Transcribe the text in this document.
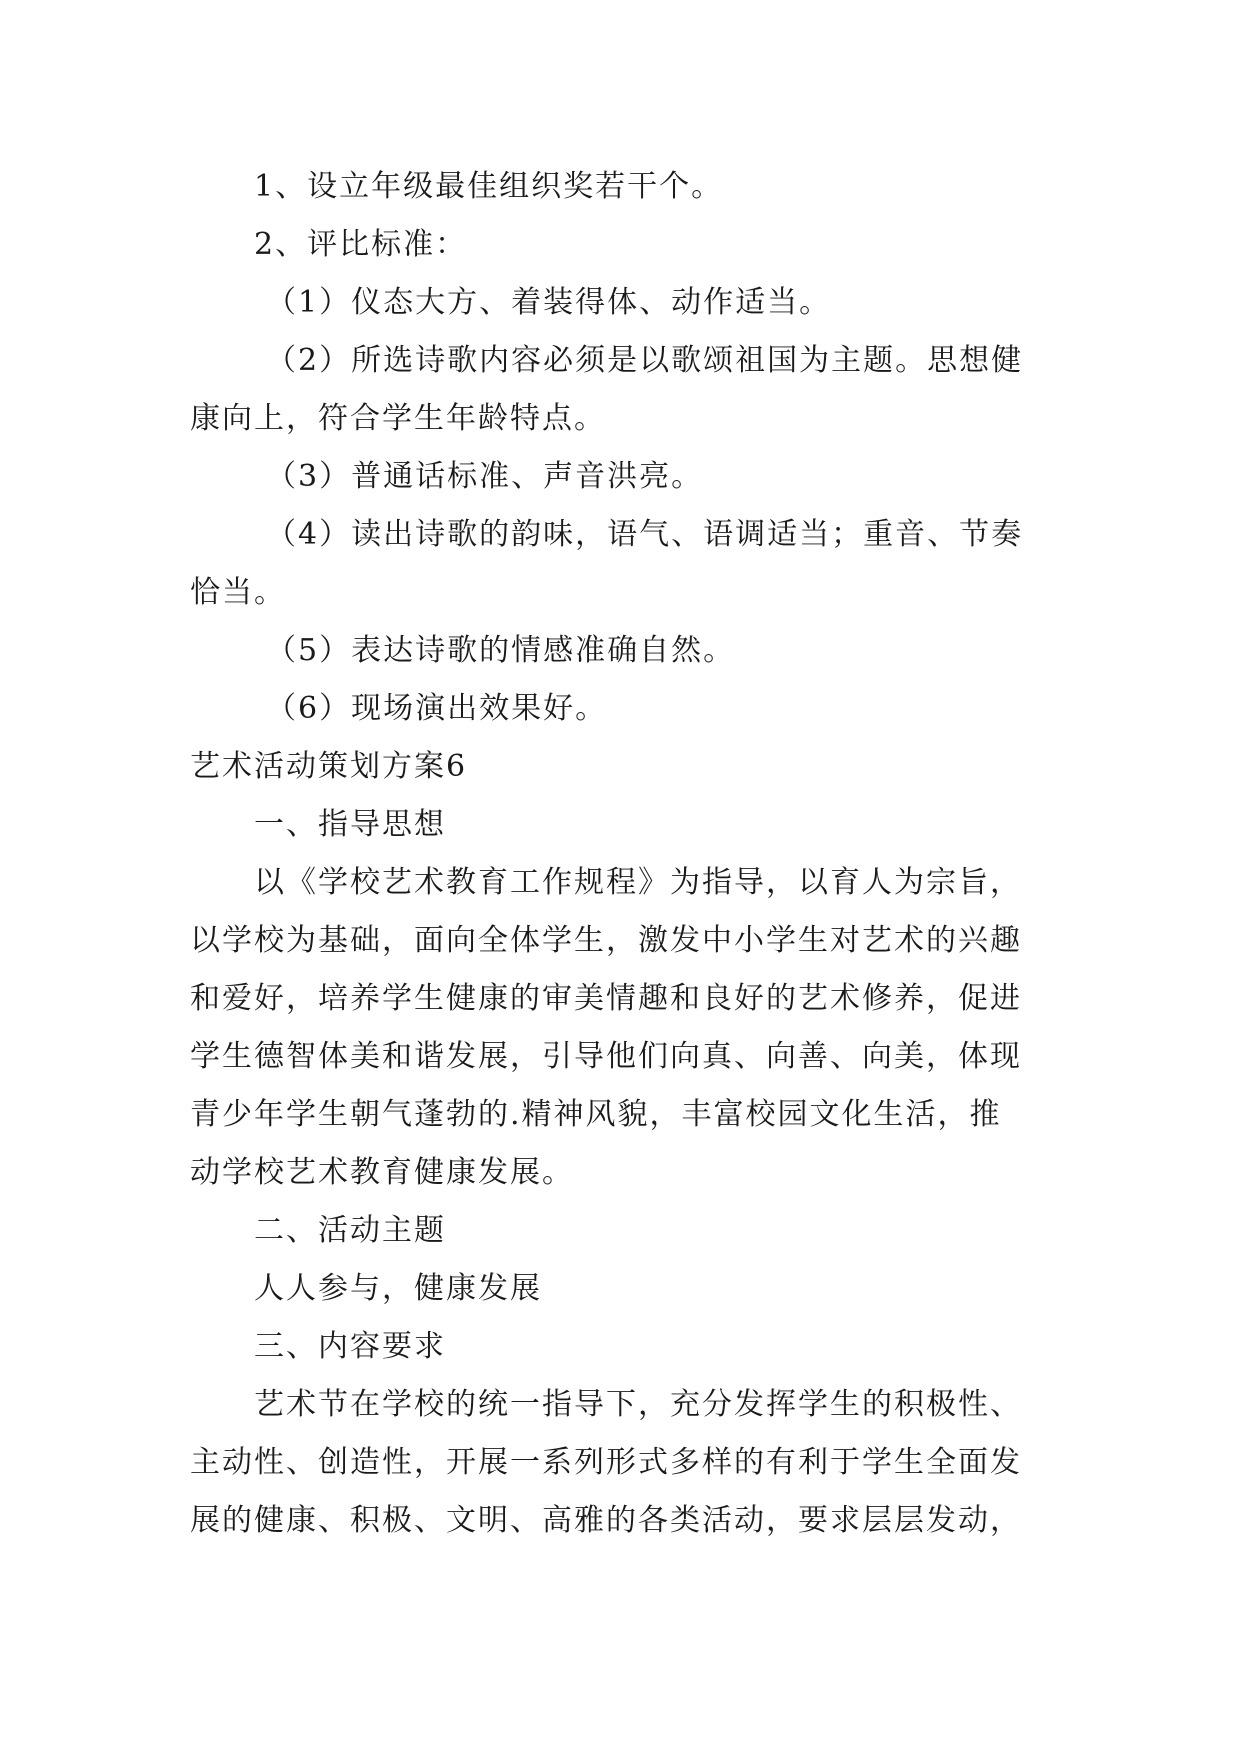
1、设立年级最佳组织奖若干个。
2、评比标准：
（1）仪态大方、着装得体、动作适当。
（2）所选诗歌内容必须是以歌颂祖国为主题。思想健
康向上，符合学生年龄特点。
（3）普通话标准、声音洪亮。
（4）读出诗歌的韵味，语气、语调适当；重音、节奏
恰当。
（5）表达诗歌的情感准确自然。
（6）现场演出效果好。
艺术活动策划方案6
一、指导思想
以《学校艺术教育工作规程》为指导，以育人为宗旨，
以学校为基础，面向全体学生，激发中小学生对艺术的兴趣
和爱好，培养学生健康的审美情趣和良好的艺术修养，促进
学生德智体美和谐发展，引导他们向真、向善、向美，体现
青少年学生朝气蓬勃的.精神风貌，丰富校园文化生活，推
动学校艺术教育健康发展。
二、活动主题
人人参与，健康发展
三、内容要求
艺术节在学校的统一指导下，充分发挥学生的积极性、
主动性、创造性，开展一系列形式多样的有利于学生全面发
展的健康、积极、文明、高雅的各类活动，要求层层发动，
